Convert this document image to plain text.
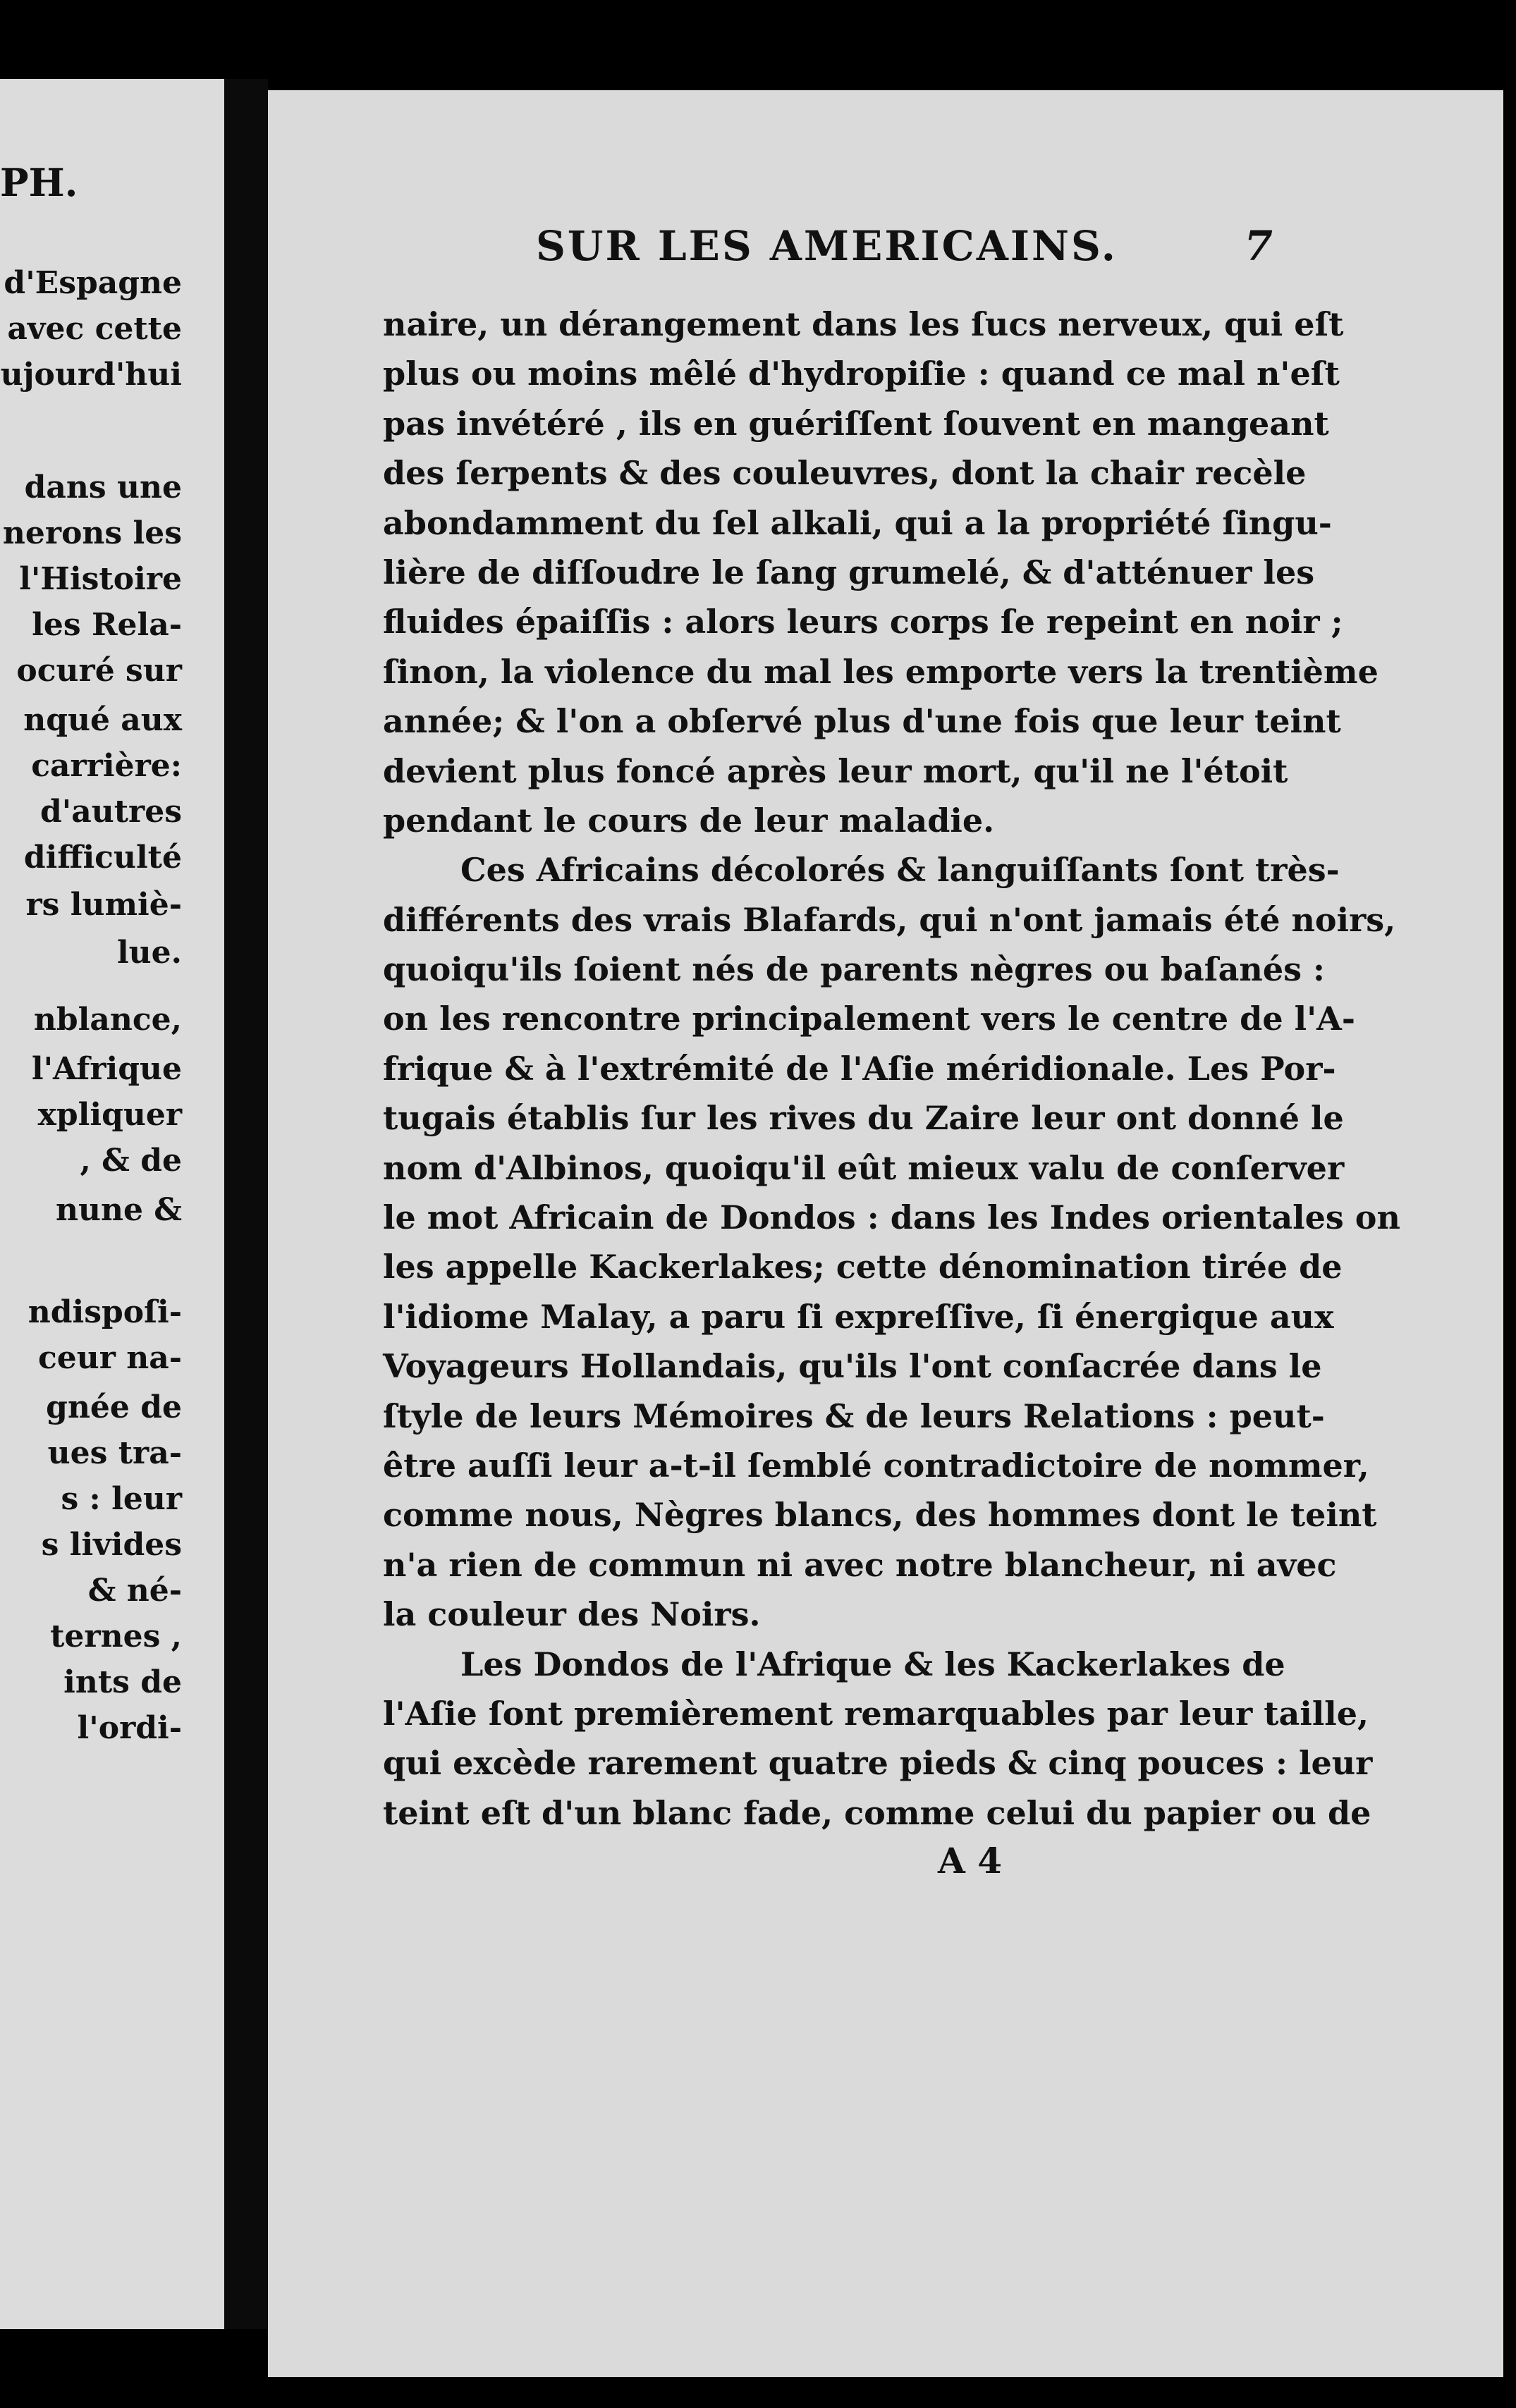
PH.

d'Espagne
avec cette
ujourd'hui
dans une
nerons les
l'Histoire
les Rela-
ocuré sur
nqué aux
carrière:
d'autres
difficulté
rs lumiè-
lue.
nblance,
l'Afrique
xpliquer
, & de
nune &
ndispoſi-
ceur na-
gnée de
ues tra-
s : leur
s livides
& né-
ternes ,
ints de
l'ordi-
SUR LES AMERICAINS.	7
naire, un dérangement dans les ſucs nerveux, qui eſt
plus ou moins mêlé d'hydropiſie : quand ce mal n'eſt
pas invétéré , ils en guériſſent ſouvent en mangeant
des ſerpents & des couleuvres, dont la chair recèle
abondamment du ſel alkali, qui a la propriété ſingu-
lière de diſſoudre le ſang grumelé, & d'atténuer les
fluides épaiſſis : alors leurs corps ſe repeint en noir ;
ſinon, la violence du mal les emporte vers la trentième
année; & l'on a obſervé plus d'une fois que leur teint
devient plus foncé après leur mort, qu'il ne l'étoit
pendant le cours de leur maladie.
Ces Africains décolorés & languiſſants ſont très-
différents des vrais Blafards, qui n'ont jamais été noirs,
quoiqu'ils ſoient nés de parents nègres ou baſanés :
on les rencontre principalement vers le centre de l'A-
frique & à l'extrémité de l'Aſie méridionale. Les Por-
tugais établis ſur les rives du Zaire leur ont donné le
nom d'Albinos, quoiqu'il eût mieux valu de conſerver
le mot Africain de Dondos : dans les Indes orientales on
les appelle Kackerlakes; cette dénomination tirée de
l'idiome Malay, a paru ſi expreſſive, ſi énergique aux
Voyageurs Hollandais, qu'ils l'ont conſacrée dans le
ſtyle de leurs Mémoires & de leurs Relations : peut-
être auſſi leur a-t-il ſemblé contradictoire de nommer,
comme nous, Nègres blancs, des hommes dont le teint
n'a rien de commun ni avec notre blancheur, ni avec
la couleur des Noirs.
Les Dondos de l'Afrique & les Kackerlakes de
l'Aſie ſont premièrement remarquables par leur taille,
qui excède rarement quatre pieds & cinq pouces : leur
teint eſt d'un blanc fade, comme celui du papier ou de
A 4
